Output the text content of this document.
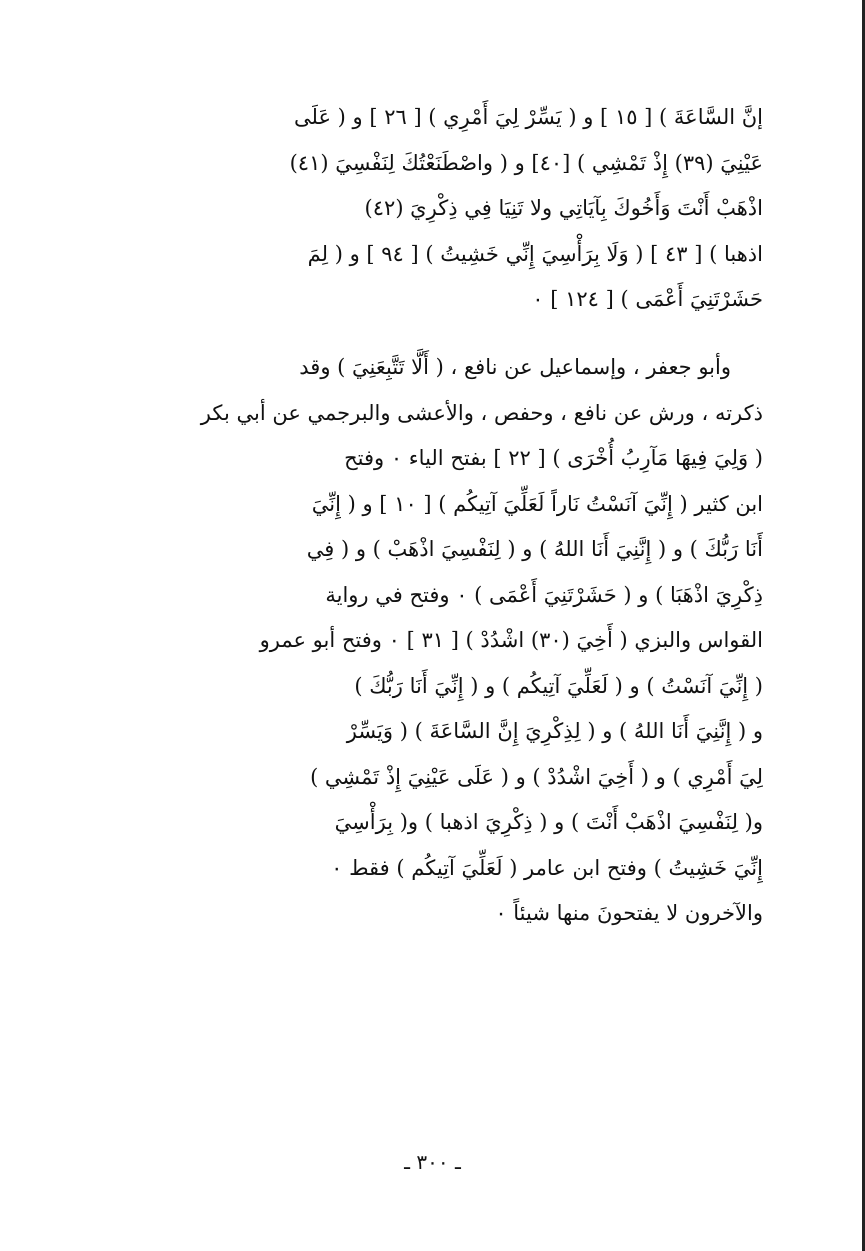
إنَّ السَّاعَةَ ) [ ١٥ ] و ( يَسِّرْ لِيَ أَمْرِي ) [ ٢٦ ] و ( عَلَى
عَيْنِيَ (٣٩) إِذْ تَمْشِي ) [٤٠] و ( واصْطَنَعْتُكَ لِنَفْسِيَ (٤١)
اذْهَبْ أَنْتَ وَأَخُوكَ بِآيَاتِي ولا تَنِيَا فِي ذِكْرِيَ (٤٢)
اذهبا ) [ ٤٣ ] ( وَلَا بِرَأْسِيَ إِنِّي خَشِيتُ ) [ ٩٤ ] و ( لِمَ
حَشَرْتَنِيَ أَعْمَى ) [ ١٢٤ ] ٠
وأبو جعفر ، وإسماعيل عن نافع ، ( أَلَّا تَتَّبِعَنِيَ ) وقد
ذكرته ، ورش عن نافع ، وحفص ، والأعشى والبرجمي عن أبي بكر
( وَلِيَ فِيهَا مَآرِبُ أُخْرَى ) [ ٢٢ ] بفتح الياء ٠ وفتح
ابن كثير ( إِنِّيَ آنَسْتُ نَاراً لَعَلِّيَ آتِيكُم ) [ ١٠ ] و ( إِنِّيَ
أَنَا رَبُّكَ ) و ( إِنَّنِيَ أَنَا اللهُ ) و ( لِنَفْسِيَ اذْهَبْ ) و ( فِي
ذِكْرِيَ اذْهَبَا ) و ( حَشَرْتَنِيَ أَعْمَى ) ٠ وفتح في رواية
القواس والبزي ( أَخِيَ (٣٠) اشْدُدْ ) [ ٣١ ] ٠ وفتح أبو عمرو
( إِنِّيَ آنَسْتُ ) و ( لَعَلِّيَ آتِيكُم ) و ( إِنِّيَ أَنَا رَبُّكَ )
و ( إِنَّنِيَ أَنَا اللهُ ) و ( لِذِكْرِيَ إِنَّ السَّاعَةَ ) ( وَيَسِّرْ
لِيَ أَمْرِي ) و ( أَخِيَ اشْدُدْ ) و ( عَلَى عَيْنِيَ إِذْ تَمْشِي )
و( لِنَفْسِيَ اذْهَبْ أَنْتَ ) و ( ذِكْرِيَ اذهبا ) و( بِرَأْسِيَ
إِنِّيَ خَشِيتُ ) وفتح ابن عامر ( لَعَلِّيَ آتِيكُم ) فقط ٠
والآخرون لا يفتحونَ منها شيئاً ٠
ـ ٣٠٠ ـ
